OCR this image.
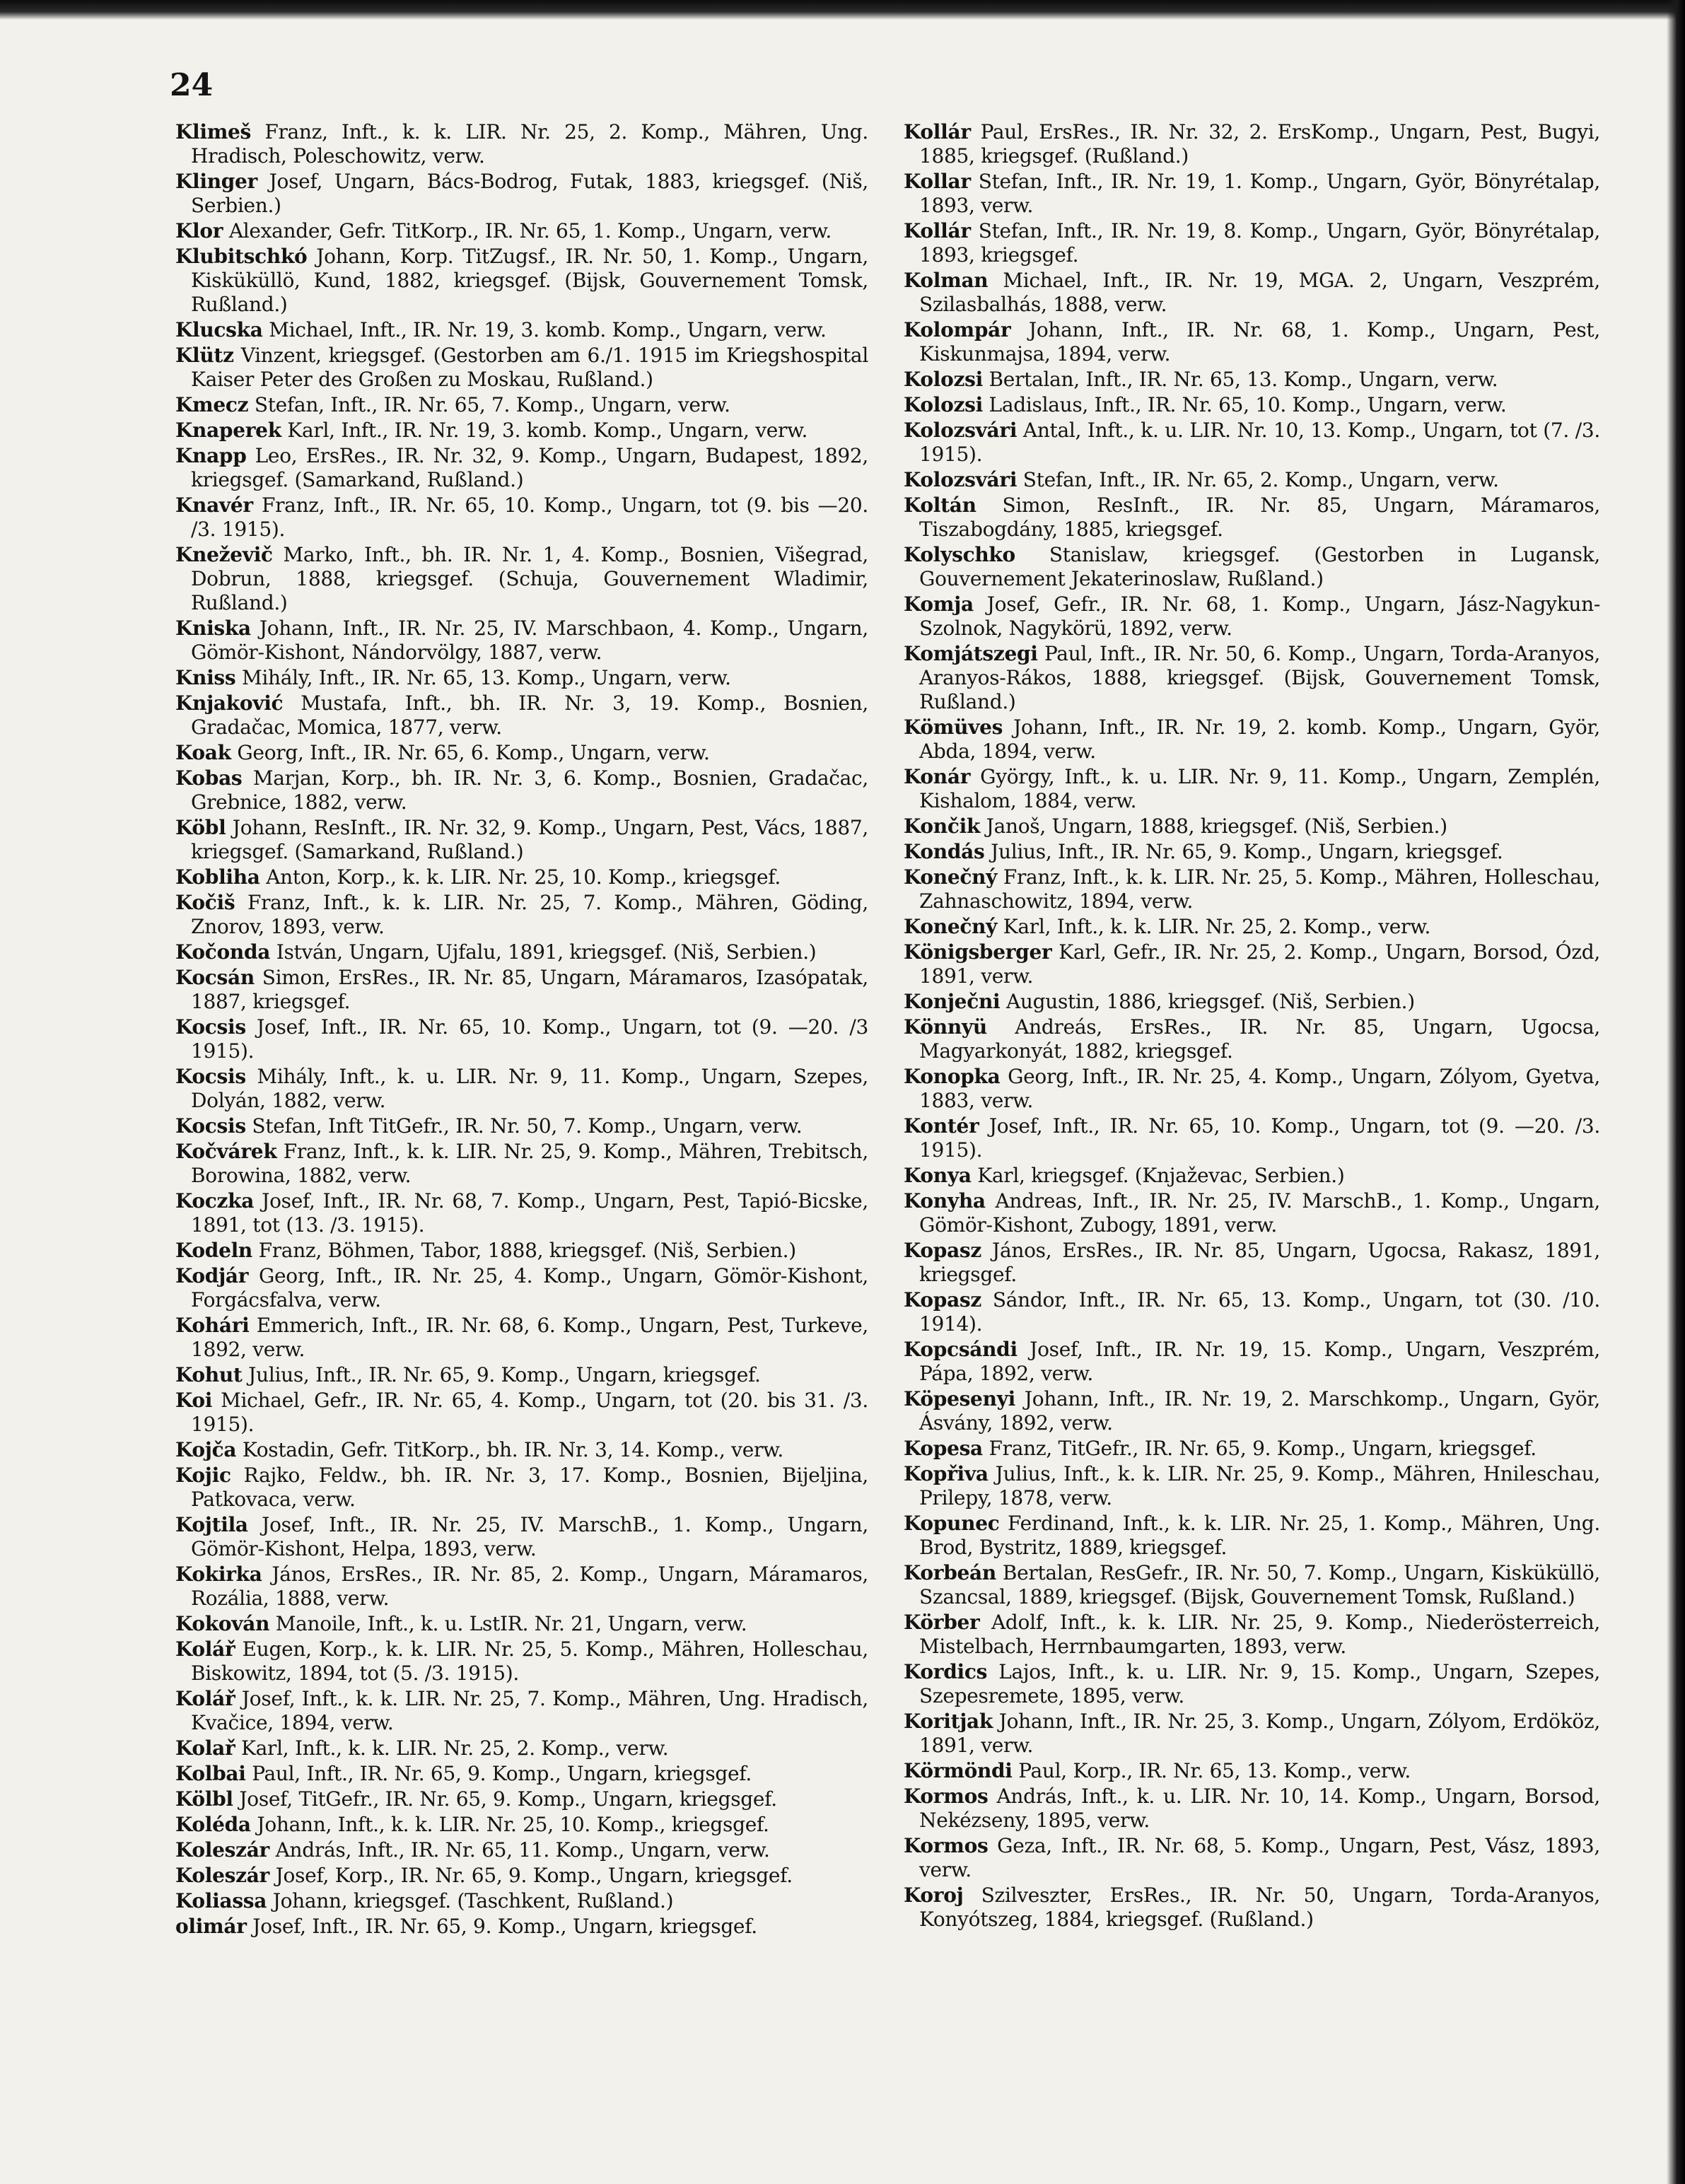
24

Klimeš Franz, Inft., k. k. LIR. Nr. 25, 2. Komp., Mähren, Ung. Hradisch, Poleschowitz, verw.

Klinger Josef, Ungarn, Bács-Bodrog, Futak, 1883, kriegsgef. (Niš, Serbien.)

Klor Alexander, Gefr. TitKorp., IR. Nr. 65, 1. Komp., Ungarn, verw.

Klubitschkó Johann, Korp. TitZugsf., IR. Nr. 50, 1. Komp., Ungarn, Kisküküllö, Kund, 1882, kriegsgef. (Bijsk, Gouvernement Tomsk, Rußland.)

Klucska Michael, Inft., IR. Nr. 19, 3. komb. Komp., Ungarn, verw.

Klütz Vinzent, kriegsgef. (Gestorben am 6./1. 1915 im Kriegshospital Kaiser Peter des Großen zu Moskau, Rußland.)

Kmecz Stefan, Inft., IR. Nr. 65, 7. Komp., Ungarn, verw.

Knaperek Karl, Inft., IR. Nr. 19, 3. komb. Komp., Ungarn, verw.

Knapp Leo, ErsRes., IR. Nr. 32, 9. Komp., Ungarn, Budapest, 1892, kriegsgef. (Samarkand, Rußland.)

Knavér Franz, Inft., IR. Nr. 65, 10. Komp., Ungarn, tot (9. bis —20. /3. 1915).

Kneževič Marko, Inft., bh. IR. Nr. 1, 4. Komp., Bosnien, Višegrad, Dobrun, 1888, kriegsgef. (Schuja, Gouvernement Wladimir, Rußland.)

Kniska Johann, Inft., IR. Nr. 25, IV. Marschbaon, 4. Komp., Ungarn, Gömör-Kishont, Nándorvölgy, 1887, verw.

Kniss Mihály, Inft., IR. Nr. 65, 13. Komp., Ungarn, verw.

Knjaković Mustafa, Inft., bh. IR. Nr. 3, 19. Komp., Bosnien, Gradačac, Momica, 1877, verw.

Koak Georg, Inft., IR. Nr. 65, 6. Komp., Ungarn, verw.

Kobas Marjan, Korp., bh. IR. Nr. 3, 6. Komp., Bosnien, Gradačac, Grebnice, 1882, verw.

Köbl Johann, ResInft., IR. Nr. 32, 9. Komp., Ungarn, Pest, Vács, 1887, kriegsgef. (Samarkand, Rußland.)

Kobliha Anton, Korp., k. k. LIR. Nr. 25, 10. Komp., kriegsgef.

Kočiš Franz, Inft., k. k. LIR. Nr. 25, 7. Komp., Mähren, Göding, Znorov, 1893, verw.

Kočonda István, Ungarn, Ujfalu, 1891, kriegsgef. (Niš, Serbien.)

Kocsán Simon, ErsRes., IR. Nr. 85, Ungarn, Máramaros, Izasópatak, 1887, kriegsgef.

Kocsis Josef, Inft., IR. Nr. 65, 10. Komp., Ungarn, tot (9. —20. /3 1915).

Kocsis Mihály, Inft., k. u. LIR. Nr. 9, 11. Komp., Ungarn, Szepes, Dolyán, 1882, verw.

Kocsis Stefan, Inft TitGefr., IR. Nr. 50, 7. Komp., Ungarn, verw.

Kočvárek Franz, Inft., k. k. LIR. Nr. 25, 9. Komp., Mähren, Trebitsch, Borowina, 1882, verw.

Koczka Josef, Inft., IR. Nr. 68, 7. Komp., Ungarn, Pest, Tapió-Bicske, 1891, tot (13. /3. 1915).

Kodeln Franz, Böhmen, Tabor, 1888, kriegsgef. (Niš, Serbien.)

Kodjár Georg, Inft., IR. Nr. 25, 4. Komp., Ungarn, Gömör-Kishont, Forgácsfalva, verw.

Kohári Emmerich, Inft., IR. Nr. 68, 6. Komp., Ungarn, Pest, Turkeve, 1892, verw.

Kohut Julius, Inft., IR. Nr. 65, 9. Komp., Ungarn, kriegsgef.

Koi Michael, Gefr., IR. Nr. 65, 4. Komp., Ungarn, tot (20. bis 31. /3. 1915).

Kojča Kostadin, Gefr. TitKorp., bh. IR. Nr. 3, 14. Komp., verw.

Kojic Rajko, Feldw., bh. IR. Nr. 3, 17. Komp., Bosnien, Bijeljina, Patkovaca, verw.

Kojtila Josef, Inft., IR. Nr. 25, IV. MarschB., 1. Komp., Ungarn, Gömör-Kishont, Helpa, 1893, verw.

Kokirka János, ErsRes., IR. Nr. 85, 2. Komp., Ungarn, Máramaros, Rozália, 1888, verw.

Kokován Manoile, Inft., k. u. LstIR. Nr. 21, Ungarn, verw.

Kolář Eugen, Korp., k. k. LIR. Nr. 25, 5. Komp., Mähren, Holleschau, Biskowitz, 1894, tot (5. /3. 1915).

Kolář Josef, Inft., k. k. LIR. Nr. 25, 7. Komp., Mähren, Ung. Hradisch, Kvačice, 1894, verw.

Kolař Karl, Inft., k. k. LIR. Nr. 25, 2. Komp., verw.

Kolbai Paul, Inft., IR. Nr. 65, 9. Komp., Ungarn, kriegsgef.

Kölbl Josef, TitGefr., IR. Nr. 65, 9. Komp., Ungarn, kriegsgef.

Koléda Johann, Inft., k. k. LIR. Nr. 25, 10. Komp., kriegsgef.

Koleszár András, Inft., IR. Nr. 65, 11. Komp., Ungarn, verw.

Koleszár Josef, Korp., IR. Nr. 65, 9. Komp., Ungarn, kriegsgef.

Koliassa Johann, kriegsgef. (Taschkent, Rußland.)

olimár Josef, Inft., IR. Nr. 65, 9. Komp., Ungarn, kriegsgef.

Kollár Paul, ErsRes., IR. Nr. 32, 2. ErsKomp., Ungarn, Pest, Bugyi, 1885, kriegsgef. (Rußland.)

Kollar Stefan, Inft., IR. Nr. 19, 1. Komp., Ungarn, Györ, Bönyrétalap, 1893, verw.

Kollár Stefan, Inft., IR. Nr. 19, 8. Komp., Ungarn, Györ, Bönyrétalap, 1893, kriegsgef.

Kolman Michael, Inft., IR. Nr. 19, MGA. 2, Ungarn, Veszprém, Szilasbalhás, 1888, verw.

Kolompár Johann, Inft., IR. Nr. 68, 1. Komp., Ungarn, Pest, Kiskunmajsa, 1894, verw.

Kolozsi Bertalan, Inft., IR. Nr. 65, 13. Komp., Ungarn, verw.

Kolozsi Ladislaus, Inft., IR. Nr. 65, 10. Komp., Ungarn, verw.

Kolozsvári Antal, Inft., k. u. LIR. Nr. 10, 13. Komp., Ungarn, tot (7. /3. 1915).

Kolozsvári Stefan, Inft., IR. Nr. 65, 2. Komp., Ungarn, verw.

Koltán Simon, ResInft., IR. Nr. 85, Ungarn, Máramaros, Tiszabogdány, 1885, kriegsgef.

Kolyschko Stanislaw, kriegsgef. (Gestorben in Lugansk, Gouvernement Jekaterinoslaw, Rußland.)

Komja Josef, Gefr., IR. Nr. 68, 1. Komp., Ungarn, Jász-Nagykun-Szolnok, Nagykörü, 1892, verw.

Komjátszegi Paul, Inft., IR. Nr. 50, 6. Komp., Ungarn, Torda-Aranyos, Aranyos-Rákos, 1888, kriegsgef. (Bijsk, Gouvernement Tomsk, Rußland.)

Kömüves Johann, Inft., IR. Nr. 19, 2. komb. Komp., Ungarn, Györ, Abda, 1894, verw.

Konár György, Inft., k. u. LIR. Nr. 9, 11. Komp., Ungarn, Zemplén, Kishalom, 1884, verw.

Končik Janoš, Ungarn, 1888, kriegsgef. (Niš, Serbien.)

Kondás Julius, Inft., IR. Nr. 65, 9. Komp., Ungarn, kriegsgef.

Konečný Franz, Inft., k. k. LIR. Nr. 25, 5. Komp., Mähren, Holleschau, Zahnaschowitz, 1894, verw.

Konečný Karl, Inft., k. k. LIR. Nr. 25, 2. Komp., verw.

Königsberger Karl, Gefr., IR. Nr. 25, 2. Komp., Ungarn, Borsod, Ózd, 1891, verw.

Konječni Augustin, 1886, kriegsgef. (Niš, Serbien.)

Könnyü Andreás, ErsRes., IR. Nr. 85, Ungarn, Ugocsa, Magyarkonyát, 1882, kriegsgef.

Konopka Georg, Inft., IR. Nr. 25, 4. Komp., Ungarn, Zólyom, Gyetva, 1883, verw.

Kontér Josef, Inft., IR. Nr. 65, 10. Komp., Ungarn, tot (9. —20. /3. 1915).

Konya Karl, kriegsgef. (Knjaževac, Serbien.)

Konyha Andreas, Inft., IR. Nr. 25, IV. MarschB., 1. Komp., Ungarn, Gömör-Kishont, Zubogy, 1891, verw.

Kopasz János, ErsRes., IR. Nr. 85, Ungarn, Ugocsa, Rakasz, 1891, kriegsgef.

Kopasz Sándor, Inft., IR. Nr. 65, 13. Komp., Ungarn, tot (30. /10. 1914).

Kopcsándi Josef, Inft., IR. Nr. 19, 15. Komp., Ungarn, Veszprém, Pápa, 1892, verw.

Köpesenyi Johann, Inft., IR. Nr. 19, 2. Marschkomp., Ungarn, Györ, Ásvány, 1892, verw.

Kopesa Franz, TitGefr., IR. Nr. 65, 9. Komp., Ungarn, kriegsgef.

Kopřiva Julius, Inft., k. k. LIR. Nr. 25, 9. Komp., Mähren, Hnileschau, Prilepy, 1878, verw.

Kopunec Ferdinand, Inft., k. k. LIR. Nr. 25, 1. Komp., Mähren, Ung. Brod, Bystritz, 1889, kriegsgef.

Korbeán Bertalan, ResGefr., IR. Nr. 50, 7. Komp., Ungarn, Kisküküllö, Szancsal, 1889, kriegsgef. (Bijsk, Gouvernement Tomsk, Rußland.)

Körber Adolf, Inft., k. k. LIR. Nr. 25, 9. Komp., Niederösterreich, Mistelbach, Herrnbaumgarten, 1893, verw.

Kordics Lajos, Inft., k. u. LIR. Nr. 9, 15. Komp., Ungarn, Szepes, Szepesremete, 1895, verw.

Koritjak Johann, Inft., IR. Nr. 25, 3. Komp., Ungarn, Zólyom, Erdököz, 1891, verw.

Körmöndi Paul, Korp., IR. Nr. 65, 13. Komp., verw.

Kormos András, Inft., k. u. LIR. Nr. 10, 14. Komp., Ungarn, Borsod, Nekézseny, 1895, verw.

Kormos Geza, Inft., IR. Nr. 68, 5. Komp., Ungarn, Pest, Vász, 1893, verw.

Koroj Szilveszter, ErsRes., IR. Nr. 50, Ungarn, Torda-Aranyos, Konyótszeg, 1884, kriegsgef. (Rußland.)
